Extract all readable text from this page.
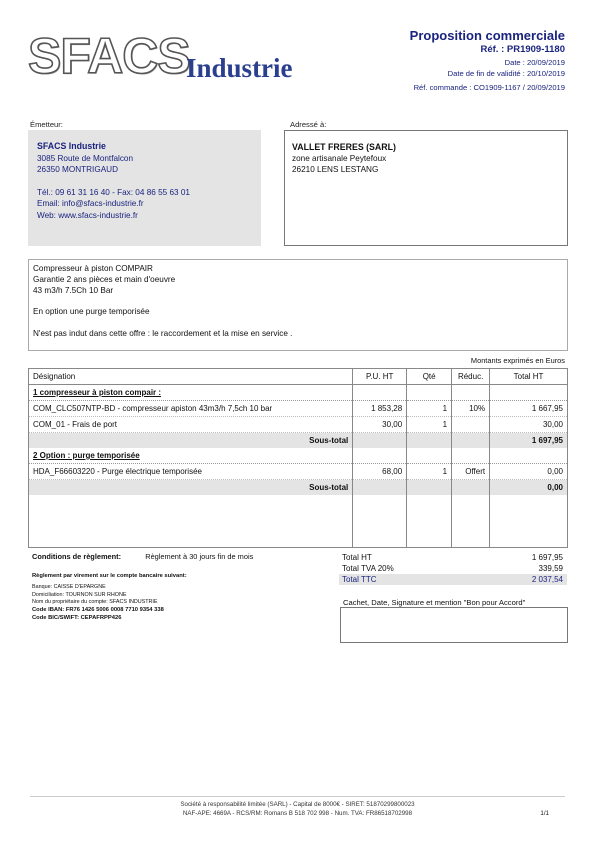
SFACS
Industrie
Proposition commerciale
Réf. : PR1909-1180
Date : 20/09/2019
Date de fin de validité : 20/10/2019
Réf. commande : CO1909-1167 / 20/09/2019
Émetteur:
SFACS Industrie
3085 Route de Montfalcon
26350 MONTRIGAUD
Tél.: 09 61 31 16 40 - Fax: 04 86 55 63 01
Email: info@sfacs-industrie.fr
Web: www.sfacs-industrie.fr
Adressé à:
VALLET FRERES (SARL)
zone artisanale Peytefoux
26210 LENS LESTANG

Compresseur à piston COMPAIR

Garantie 2 ans pièces et main d'oeuvre

43 m3/h 7.5Ch 10 Bar

En option une purge temporisée

N'est pas indut dans cette offre : le raccordement et la mise en service .

Montants exprimés en Euros
Désignation	P.U. HT	Qté	Réduc.	Total HT
1 compresseur à piston compair :				
COM_CLC507NTP-BD - compresseur apiston 43m3/h 7,5ch 10 bar	1 853,28	1	10%	1 667,95
COM_01 - Frais de port	30,00	1		30,00
Sous-total				1 697,95
2 Option : purge temporisée				
HDA_F66603220 - Purge électrique temporisée	68,00	1	Offert	0,00
Sous-total				0,00

Conditions de règlement:	Règlement à 30 jours fin de mois
Règlement par virement sur le compte bancaire suivant:
Banque: CAISSE D'EPARGNE
Domiciliation: TOURNON SUR RHONE
Nom du propriétaire du compte: SFACS INDUSTRIE
Code IBAN: FR76 1426 5006 0008 7710 9354 338
Code BIC/SWIFT: CEPAFRPP426
Total HT	1 697,95
Total TVA 20%	339,59
Total TTC	2 037,54
Cachet, Date, Signature et mention "Bon pour Accord"
Société à responsabilité limitée (SARL) - Capital de 8000€ - SIRET: 51870299800023
NAF-APE: 4669A - RCS/RM: Romans B 518 702 998 - Num. TVA: FR86518702998	1/1
